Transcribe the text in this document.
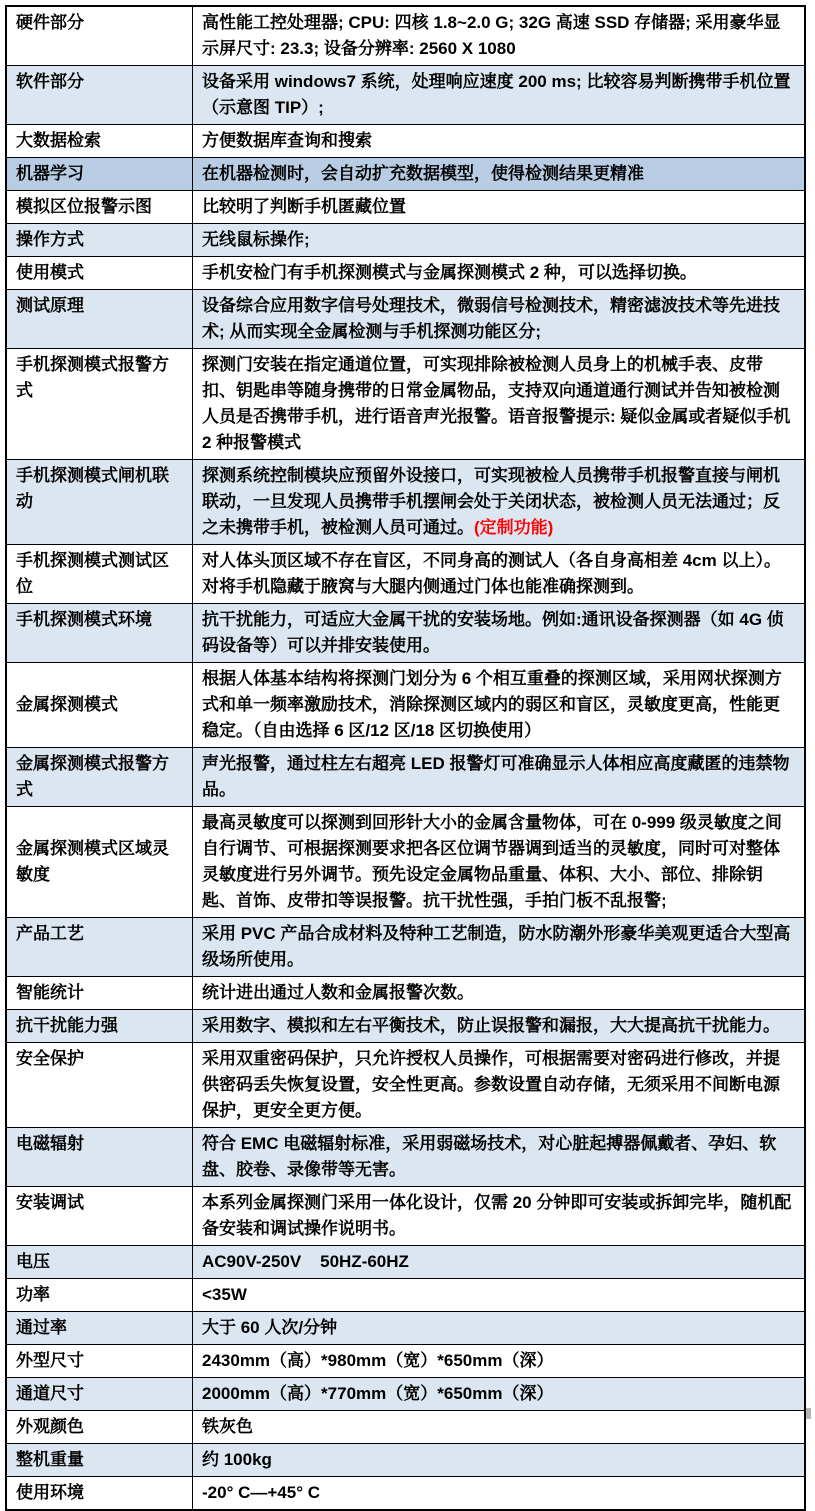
硬件部分	高性能工控处理器; CPU: 四核 1.8~2.0 G; 32G 高速 SSD 存储器; 采用豪华显示屏尺寸: 23.3; 设备分辨率: 2560 X 1080
软件部分	设备采用 windows7 系统，处理响应速度 200 ms; 比较容易判断携带手机位置（示意图 TIP）;
大数据检索	方便数据库查询和搜索
机器学习	在机器检测时，会自动扩充数据模型，使得检测结果更精准
模拟区位报警示图	比较明了判断手机匿藏位置
操作方式	无线鼠标操作;
使用模式	手机安检门有手机探测模式与金属探测模式 2 种，可以选择切换。
测试原理	设备综合应用数字信号处理技术，微弱信号检测技术，精密滤波技术等先进技术; 从而实现全金属检测与手机探测功能区分;
手机探测模式报警方式	探测门安装在指定通道位置，可实现排除被检测人员身上的机械手表、皮带扣、钥匙串等随身携带的日常金属物品，支持双向通道通行测试并告知被检测人员是否携带手机，进行语音声光报警。语音报警提示: 疑似金属或者疑似手机 2 种报警模式
手机探测模式闸机联动	探测系统控制模块应预留外设接口，可实现被检人员携带手机报警直接与闸机联动，一旦发现人员携带手机摆闸会处于关闭状态，被检测人员无法通过；反之未携带手机，被检测人员可通过。(定制功能)
手机探测模式测试区位	对人体头顶区域不存在盲区，不同身高的测试人（各自身高相差 4cm 以上）。对将手机隐藏于腋窝与大腿内侧通过门体也能准确探测到。
手机探测模式环境	抗干扰能力，可适应大金属干扰的安装场地。例如:通讯设备探测器（如 4G 侦码设备等）可以并排安装使用。
金属探测模式	根据人体基本结构将探测门划分为 6 个相互重叠的探测区域，采用网状探测方式和单一频率激励技术，消除探测区域内的弱区和盲区，灵敏度更高，性能更稳定。（自由选择 6 区/12 区/18 区切换使用）
金属探测模式报警方式	声光报警，通过柱左右超亮 LED 报警灯可准确显示人体相应高度藏匿的违禁物品。
金属探测模式区域灵敏度	最高灵敏度可以探测到回形针大小的金属含量物体，可在 0-999 级灵敏度之间自行调节、可根据探测要求把各区位调节器调到适当的灵敏度，同时可对整体灵敏度进行另外调节。预先设定金属物品重量、体积、大小、部位、排除钥匙、首饰、皮带扣等误报警。抗干扰性强，手拍门板不乱报警;
产品工艺	采用 PVC 产品合成材料及特种工艺制造，防水防潮外形豪华美观更适合大型高级场所使用。
智能统计	统计进出通过人数和金属报警次数。
抗干扰能力强	采用数字、模拟和左右平衡技术，防止误报警和漏报，大大提高抗干扰能力。
安全保护	采用双重密码保护，只允许授权人员操作，可根据需要对密码进行修改，并提供密码丢失恢复设置，安全性更高。参数设置自动存储，无须采用不间断电源保护，更安全更方便。
电磁辐射	符合 EMC 电磁辐射标准，采用弱磁场技术，对心脏起搏器佩戴者、孕妇、软盘、胶卷、录像带等无害。
安装调试	本系列金属探测门采用一体化设计，仅需 20 分钟即可安装或拆卸完毕，随机配备安装和调试操作说明书。
电压	AC90V-250V    50HZ-60HZ
功率	<35W
通过率	大于 60 人次/分钟
外型尺寸	2430mm（高）*980mm（宽）*650mm（深）
通道尺寸	2000mm（高）*770mm（宽）*650mm（深）
外观颜色	铁灰色
整机重量	约 100kg
使用环境	-20° C—+45° C
